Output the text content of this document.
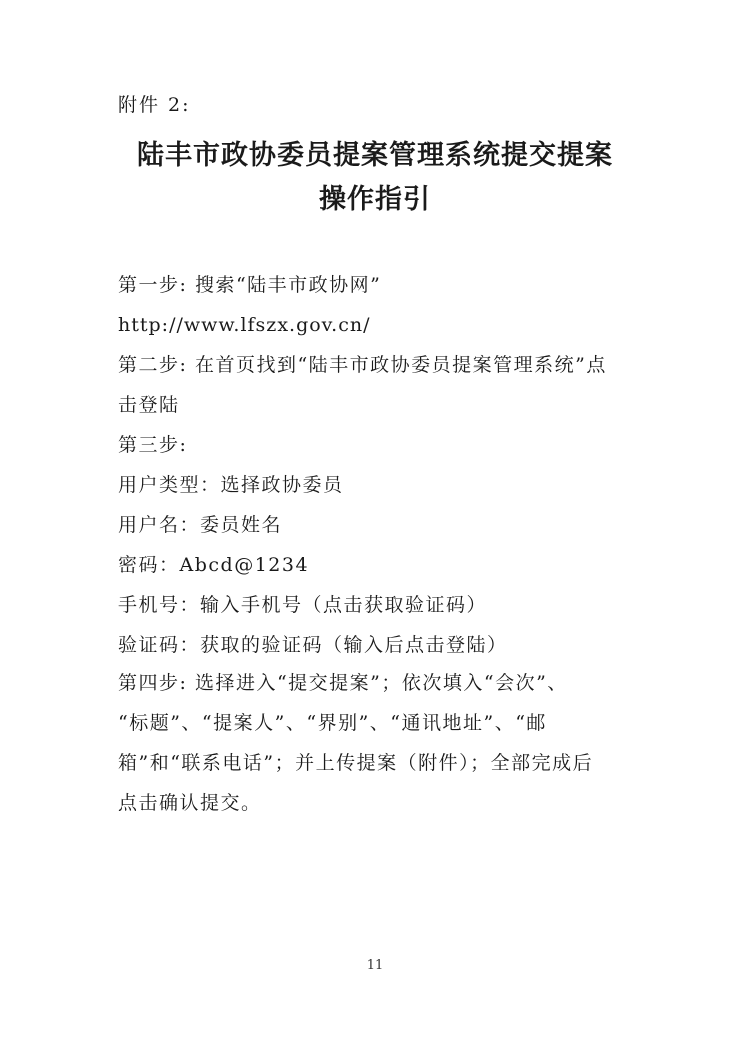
附件 2:
陆丰市政协委员提案管理系统提交提案
操作指引
第一步: 搜索“陆丰市政协网”
http://www.lfszx.gov.cn/
第二步: 在首页找到“陆丰市政协委员提案管理系统”点
击登陆
第三步:
用户类型：选择政协委员
用户名：委员姓名
密码：Abcd@1234
手机号：输入手机号（点击获取验证码）
验证码：获取的验证码（输入后点击登陆）
第四步: 选择进入“提交提案”；依次填入“会次”、
“标题”、“提案人”、“界别”、“通讯地址”、“邮
箱”和“联系电话”；并上传提案（附件）；全部完成后
点击确认提交。
11
